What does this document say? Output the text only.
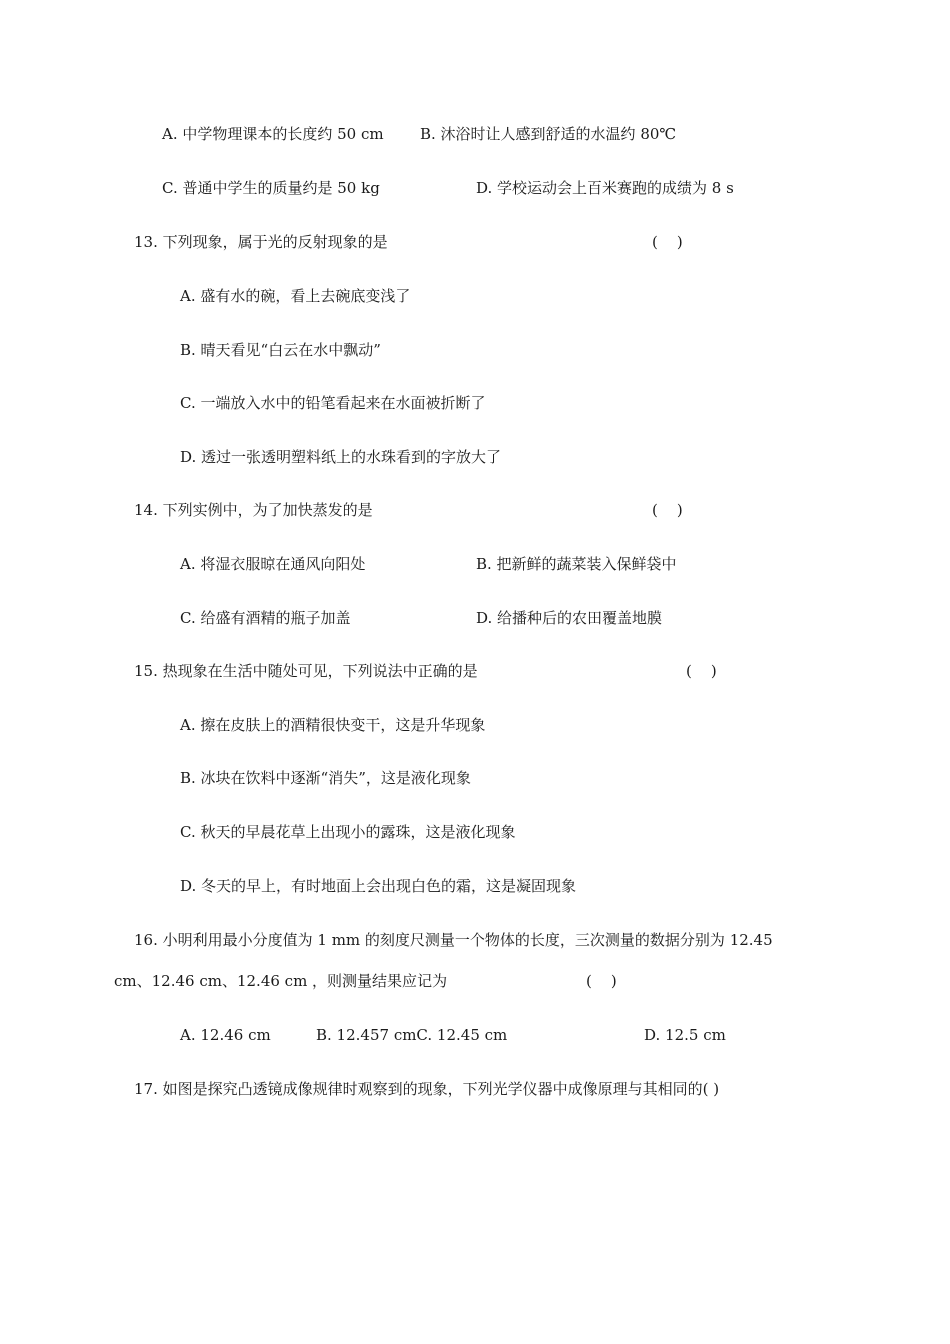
A. 中学物理课本的长度约 50 cm B. 沐浴时让人感到舒适的水温约 80℃
C. 普通中学生的质量约是 50 kg	D. 学校运动会上百米赛跑的成绩为 8 s
13. 下列现象，属于光的反射现象的是	(    )
A. 盛有水的碗，看上去碗底变浅了
B. 晴天看见“白云在水中飘动”
C. 一端放入水中的铅笔看起来在水面被折断了
D. 透过一张透明塑料纸上的水珠看到的字放大了
14. 下列实例中，为了加快蒸发的是	(    )
A. 将湿衣服晾在通风向阳处	B. 把新鲜的蔬菜装入保鲜袋中
C. 给盛有酒精的瓶子加盖	D. 给播种后的农田覆盖地膜
15. 热现象在生活中随处可见，下列说法中正确的是	(    )
A. 擦在皮肤上的酒精很快变干，这是升华现象
B. 冰块在饮料中逐渐“消失”，这是液化现象
C. 秋天的早晨花草上出现小的露珠，这是液化现象
D. 冬天的早上，有时地面上会出现白色的霜，这是凝固现象
16. 小明利用最小分度值为 1 mm 的刻度尺测量一个物体的长度，三次测量的数据分别为 12.45
cm、12.46 cm、12.46 cm ，则测量结果应记为	(    )
A. 12.46 cm	B. 12.457 cmC. 12.45 cm	D. 12.5 cm
17. 如图是探究凸透镜成像规律时观察到的现象，下列光学仪器中成像原理与其相同的( )
